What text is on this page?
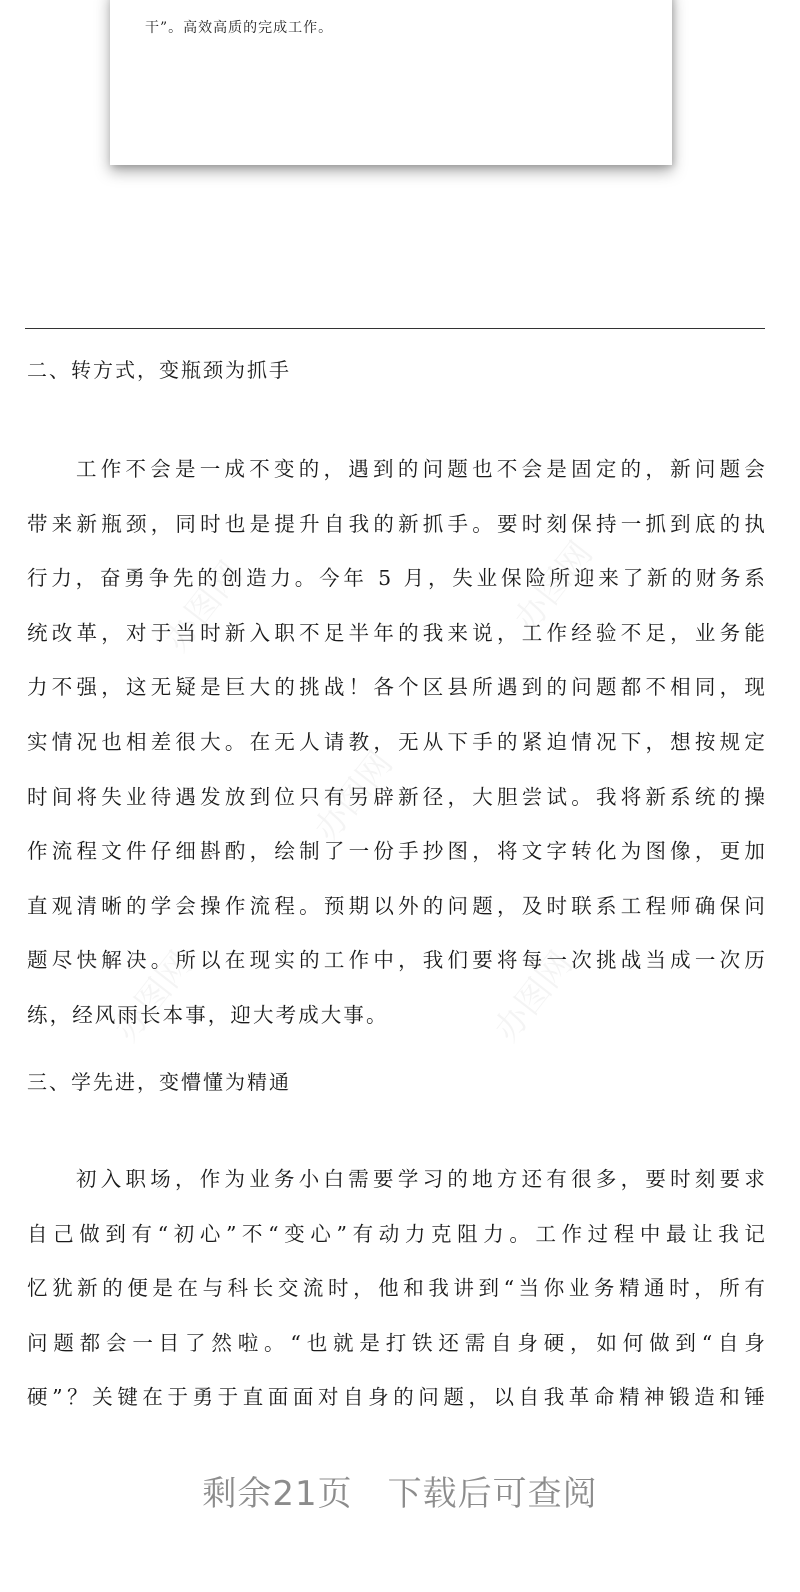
干”。高效高质的完成工作。
二、转方式，变瓶颈为抓手
工作不会是一成不变的，遇到的问题也不会是固定的，新问题会
带来新瓶颈，同时也是提升自我的新抓手。要时刻保持一抓到底的执
行力，奋勇争先的创造力。今年 5 月，失业保险所迎来了新的财务系
统改革，对于当时新入职不足半年的我来说，工作经验不足，业务能
力不强，这无疑是巨大的挑战！各个区县所遇到的问题都不相同，现
实情况也相差很大。在无人请教，无从下手的紧迫情况下，想按规定
时间将失业待遇发放到位只有另辟新径，大胆尝试。我将新系统的操
作流程文件仔细斟酌，绘制了一份手抄图，将文字转化为图像，更加
直观清晰的学会操作流程。预期以外的问题，及时联系工程师确保问
题尽快解决。所以在现实的工作中，我们要将每一次挑战当成一次历
练，经风雨长本事，迎大考成大事。
三、学先进，变懵懂为精通
初入职场，作为业务小白需要学习的地方还有很多，要时刻要求
自己做到有“初心”不“变心”有动力克阻力。工作过程中最让我记
忆犹新的便是在与科长交流时，他和我讲到“当你业务精通时，所有
问题都会一目了然啦。“也就是打铁还需自身硬，如何做到“自身
硬”？关键在于勇于直面面对自身的问题，以自我革命精神锻造和锤
剩余21页　下载后可查阅
